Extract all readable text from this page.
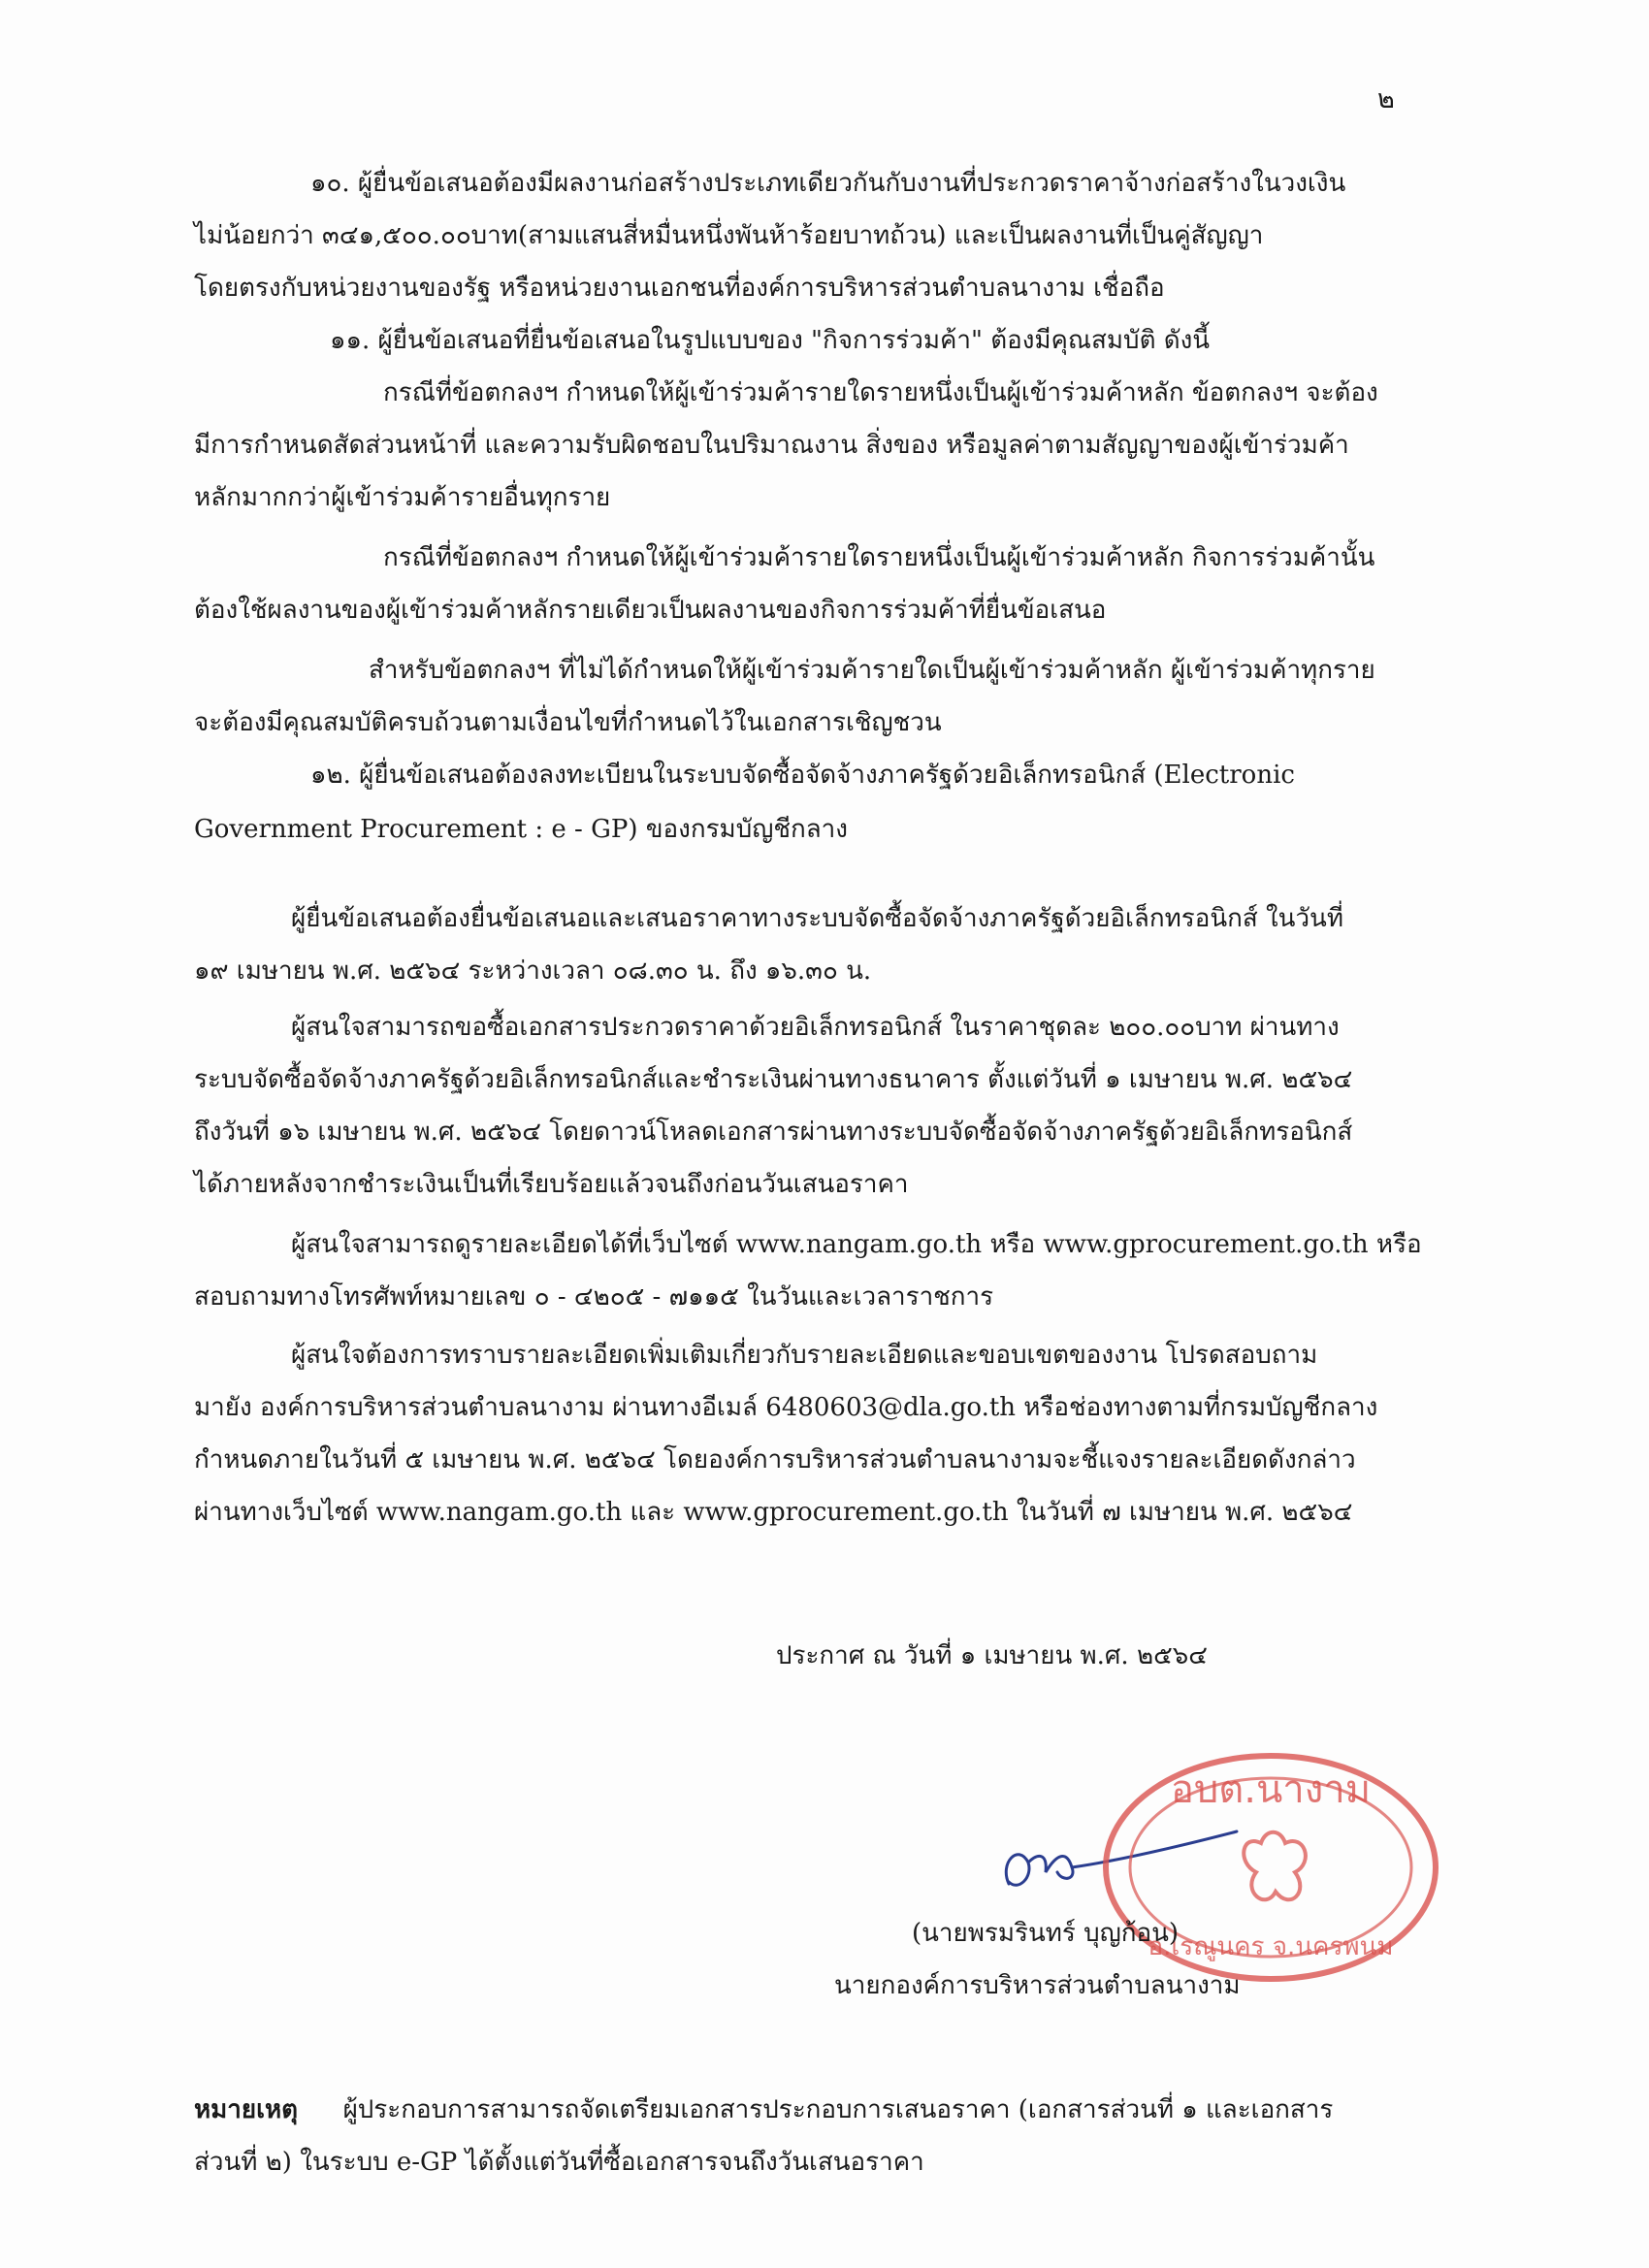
๒
๑๐. ผู้ยื่นข้อเสนอต้องมีผลงานก่อสร้างประเภทเดียวกันกับงานที่ประกวดราคาจ้างก่อสร้างในวงเงิน
ไม่น้อยกว่า ๓๔๑,๕๐๐.๐๐บาท(สามแสนสี่หมื่นหนึ่งพันห้าร้อยบาทถ้วน) และเป็นผลงานที่เป็นคู่สัญญา
โดยตรงกับหน่วยงานของรัฐ หรือหน่วยงานเอกชนที่องค์การบริหารส่วนตำบลนางาม เชื่อถือ
๑๑. ผู้ยื่นข้อเสนอที่ยื่นข้อเสนอในรูปแบบของ "กิจการร่วมค้า" ต้องมีคุณสมบัติ ดังนี้
กรณีที่ข้อตกลงฯ กำหนดให้ผู้เข้าร่วมค้ารายใดรายหนึ่งเป็นผู้เข้าร่วมค้าหลัก ข้อตกลงฯ จะต้อง
มีการกำหนดสัดส่วนหน้าที่ และความรับผิดชอบในปริมาณงาน สิ่งของ หรือมูลค่าตามสัญญาของผู้เข้าร่วมค้า
หลักมากกว่าผู้เข้าร่วมค้ารายอื่นทุกราย
กรณีที่ข้อตกลงฯ กำหนดให้ผู้เข้าร่วมค้ารายใดรายหนึ่งเป็นผู้เข้าร่วมค้าหลัก กิจการร่วมค้านั้น
ต้องใช้ผลงานของผู้เข้าร่วมค้าหลักรายเดียวเป็นผลงานของกิจการร่วมค้าที่ยื่นข้อเสนอ
สำหรับข้อตกลงฯ ที่ไม่ได้กำหนดให้ผู้เข้าร่วมค้ารายใดเป็นผู้เข้าร่วมค้าหลัก ผู้เข้าร่วมค้าทุกราย
จะต้องมีคุณสมบัติครบถ้วนตามเงื่อนไขที่กำหนดไว้ในเอกสารเชิญชวน
๑๒. ผู้ยื่นข้อเสนอต้องลงทะเบียนในระบบจัดซื้อจัดจ้างภาครัฐด้วยอิเล็กทรอนิกส์ (Electronic
Government Procurement : e - GP) ของกรมบัญชีกลาง
ผู้ยื่นข้อเสนอต้องยื่นข้อเสนอและเสนอราคาทางระบบจัดซื้อจัดจ้างภาครัฐด้วยอิเล็กทรอนิกส์ ในวันที่
๑๙ เมษายน พ.ศ. ๒๕๖๔ ระหว่างเวลา ๐๘.๓๐ น. ถึง ๑๖.๓๐ น.
ผู้สนใจสามารถขอซื้อเอกสารประกวดราคาด้วยอิเล็กทรอนิกส์ ในราคาชุดละ ๒๐๐.๐๐บาท ผ่านทาง
ระบบจัดซื้อจัดจ้างภาครัฐด้วยอิเล็กทรอนิกส์และชำระเงินผ่านทางธนาคาร ตั้งแต่วันที่ ๑ เมษายน พ.ศ. ๒๕๖๔
ถึงวันที่ ๑๖ เมษายน พ.ศ. ๒๕๖๔ โดยดาวน์โหลดเอกสารผ่านทางระบบจัดซื้อจัดจ้างภาครัฐด้วยอิเล็กทรอนิกส์
ได้ภายหลังจากชำระเงินเป็นที่เรียบร้อยแล้วจนถึงก่อนวันเสนอราคา
ผู้สนใจสามารถดูรายละเอียดได้ที่เว็บไซต์ www.nangam.go.th หรือ www.gprocurement.go.th หรือ
สอบถามทางโทรศัพท์หมายเลข ๐ - ๔๒๐๕ - ๗๑๑๕ ในวันและเวลาราชการ
ผู้สนใจต้องการทราบรายละเอียดเพิ่มเติมเกี่ยวกับรายละเอียดและขอบเขตของงาน โปรดสอบถาม
มายัง องค์การบริหารส่วนตำบลนางาม ผ่านทางอีเมล์ 6480603@dla.go.th หรือช่องทางตามที่กรมบัญชีกลาง
กำหนดภายในวันที่ ๕ เมษายน พ.ศ. ๒๕๖๔ โดยองค์การบริหารส่วนตำบลนางามจะชี้แจงรายละเอียดดังกล่าว
ผ่านทางเว็บไซต์ www.nangam.go.th และ www.gprocurement.go.th ในวันที่ ๗ เมษายน พ.ศ. ๒๕๖๔
ประกาศ ณ วันที่ ๑ เมษายน พ.ศ. ๒๕๖๔
อบต.นางาม
อ.เรณูนคร จ.นครพนม
(นายพรมรินทร์ บุญก้อน)
นายกองค์การบริหารส่วนตำบลนางาม
หมายเหตุ ผู้ประกอบการสามารถจัดเตรียมเอกสารประกอบการเสนอราคา (เอกสารส่วนที่ ๑ และเอกสาร
ส่วนที่ ๒) ในระบบ e-GP ได้ตั้งแต่วันที่ซื้อเอกสารจนถึงวันเสนอราคา
